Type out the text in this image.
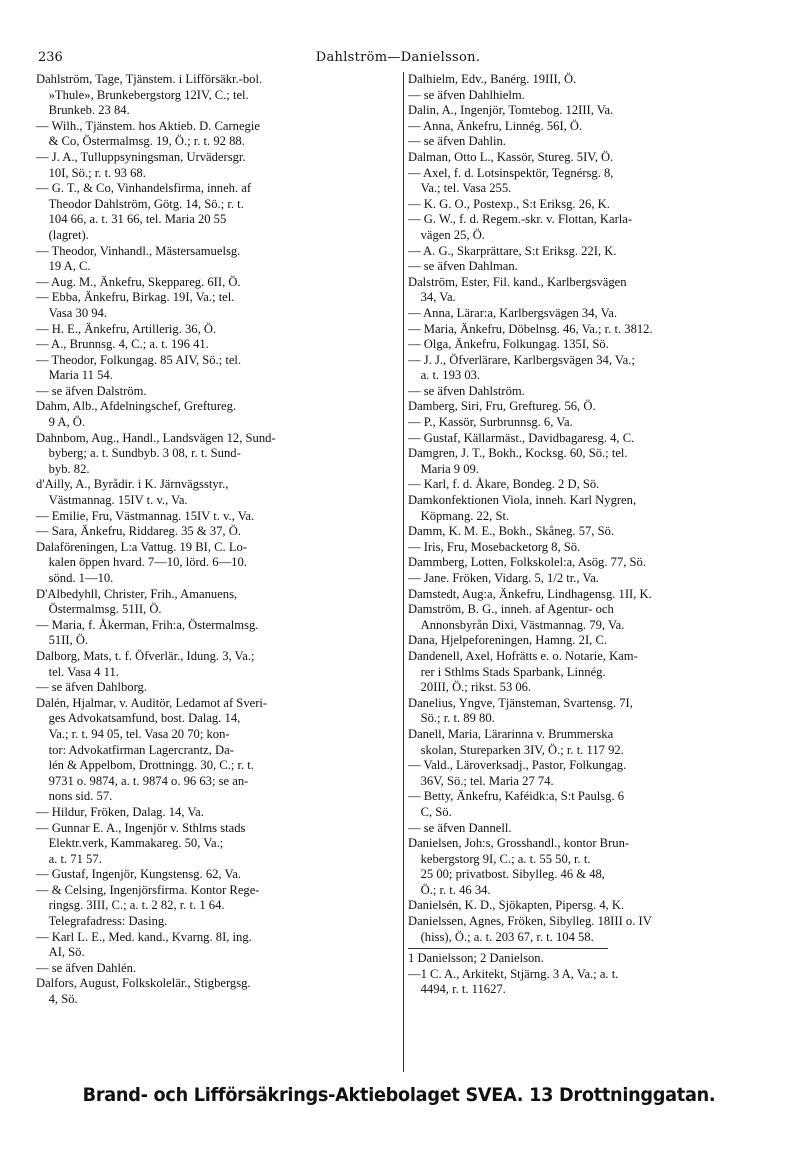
236	Dahlström—Danielsson.
Dahlström, Tage, Tjänstem. i Lifförsäkr.-bol.
 »Thule», Brunkebergstorg 12IV, C.; tel.
 Brunkeb. 23 84.
— Wilh., Tjänstem. hos Aktieb. D. Carnegie
 & Co, Östermalmsg. 19, Ö.; r. t. 92 88.
— J. A., Tulluppsyningsman, Urvädersgr.
 10I, Sö.; r. t. 93 68.
— G. T., & Co, Vinhandelsfirma, inneh. af
 Theodor Dahlström, Götg. 14, Sö.; r. t.
 104 66, a. t. 31 66, tel. Maria 20 55
 (lagret).
— Theodor, Vinhandl., Mästersamuelsg.
 19 A, C.
— Aug. M., Änkefru, Skeppareg. 6II, Ö.
— Ebba, Änkefru, Birkag. 19I, Va.; tel.
 Vasa 30 94.
— H. E., Änkefru, Artillerig. 36, Ö.
— A., Brunnsg. 4, C.; a. t. 196 41.
— Theodor, Folkungag. 85 AIV, Sö.; tel.
 Maria 11 54.
— se äfven Dalström.
Dahm, Alb., Afdelningschef, Greftureg.
 9 A, Ö.
Dahnbom, Aug., Handl., Landsvägen 12, Sund-
 byberg; a. t. Sundbyb. 3 08, r. t. Sund-
 byb. 82.
d'Ailly, A., Byrådir. i K. Järnvägsstyr.,
 Västmannag. 15IV t. v., Va.
— Emilie, Fru, Västmannag. 15IV t. v., Va.
— Sara, Änkefru, Riddareg. 35 & 37, Ö.
Dalaföreningen, L:a Vattug. 19 BI, C. Lo-
 kalen öppen hvard. 7—10, lörd. 6—10.
 sönd. 1—10.
D'Albedyhll, Christer, Frih., Amanuens,
 Östermalmsg. 51II, Ö.
— Maria, f. Åkerman, Frih:a, Östermalmsg.
 51II, Ö.
Dalborg, Mats, t. f. Öfverlär., Idung. 3, Va.;
 tel. Vasa 4 11.
— se äfven Dahlborg.
Dalén, Hjalmar, v. Auditör, Ledamot af Sveri-
 ges Advokatsamfund, bost. Dalag. 14,
 Va.; r. t. 94 05, tel. Vasa 20 70; kon-
 tor: Advokatfirman Lagercrantz, Da-
 lén & Appelbom, Drottningg. 30, C.; r. t.
 9731 o. 9874, a. t. 9874 o. 96 63; se an-
 nons sid. 57.
— Hildur, Fröken, Dalag. 14, Va.
— Gunnar E. A., Ingenjör v. Sthlms stads
 Elektr.verk, Kammakareg. 50, Va.;
 a. t. 71 57.
— Gustaf, Ingenjör, Kungstensg. 62, Va.
— & Celsing, Ingenjörsfirma. Kontor Rege-
 ringsg. 3III, C.; a. t. 2 82, r. t. 1 64.
 Telegrafadress: Dasing.
— Karl L. E., Med. kand., Kvarng. 8I, ing.
 AI, Sö.
— se äfven Dahlén.
Dalfors, August, Folkskolelär., Stigbergsg.
 4, Sö.
Dalhielm, Edv., Banérg. 19III, Ö.
— se äfven Dahlhielm.
Dalin, A., Ingenjör, Tomtebog. 12III, Va.
— Anna, Änkefru, Linnég. 56I, Ö.
— se äfven Dahlin.
Dalman, Otto L., Kassör, Stureg. 5IV, Ö.
— Axel, f. d. Lotsinspektör, Tegnérsg. 8,
 Va.; tel. Vasa 255.
— K. G. O., Postexp., S:t Eriksg. 26, K.
— G. W., f. d. Regem.-skr. v. Flottan, Karla-
 vägen 25, Ö.
— A. G., Skarprättare, S:t Eriksg. 22I, K.
— se äfven Dahlman.
Dalström, Ester, Fil. kand., Karlbergsvägen
 34, Va.
— Anna, Lärar:a, Karlbergsvägen 34, Va.
— Maria, Änkefru, Döbelnsg. 46, Va.; r. t. 3812.
— Olga, Änkefru, Folkungag. 135I, Sö.
— J. J., Öfverlärare, Karlbergsvägen 34, Va.;
 a. t. 193 03.
— se äfven Dahlström.
Damberg, Siri, Fru, Greftureg. 56, Ö.
— P., Kassör, Surbrunnsg. 6, Va.
— Gustaf, Källarmäst., Davidbagaresg. 4, C.
Damgren, J. T., Bokh., Kocksg. 60, Sö.; tel.
 Maria 9 09.
— Karl, f. d. Åkare, Bondeg. 2 D, Sö.
Damkonfektionen Viola, inneh. Karl Nygren,
 Köpmang. 22, St.
Damm, K. M. E., Bokh., Skåneg. 57, Sö.
— Iris, Fru, Mosebacketorg 8, Sö.
Dammberg, Lotten, Folkskolel:a, Asög. 77, Sö.
— Jane. Fröken, Vidarg. 5, 1/2 tr., Va.
Damstedt, Aug:a, Änkefru, Lindhagensg. 1II, K.
Damström, B. G., inneh. af Agentur- och
 Annonsbyrån Dixi, Västmannag. 79, Va.
Dana, Hjelpeforeningen, Hamng. 2I, C.
Dandenell, Axel, Hofrätts e. o. Notarie, Kam-
 rer i Sthlms Stads Sparbank, Linnég.
 20III, Ö.; rikst. 53 06.
Danelius, Yngve, Tjänsteman, Svartensg. 7I,
 Sö.; r. t. 89 80.
Danell, Maria, Lärarinna v. Brummerska
 skolan, Stureparken 3IV, Ö.; r. t. 117 92.
— Vald., Läroverksadj., Pastor, Folkungag.
 36V, Sö.; tel. Maria 27 74.
— Betty, Änkefru, Kaféidk:a, S:t Paulsg. 6
 C, Sö.
— se äfven Dannell.
Danielsen, Joh:s, Grosshandl., kontor Brun-
 kebergstorg 9I, C.; a. t. 55 50, r. t.
 25 00; privatbost. Sibylleg. 46 & 48,
 Ö.; r. t. 46 34.
Danielsén, K. D., Sjökapten, Pipersg. 4, K.
Danielssen, Agnes, Fröken, Sibylleg. 18III o. IV
 (hiss), Ö.; a. t. 203 67, r. t. 104 58.
1 Danielsson; 2 Danielson.
—1 C. A., Arkitekt, Stjärng. 3 A, Va.; a. t.
 4494, r. t. 11627.
Brand- och Lifförsäkrings-Aktiebolaget SVEA. 13 Drottninggatan.
